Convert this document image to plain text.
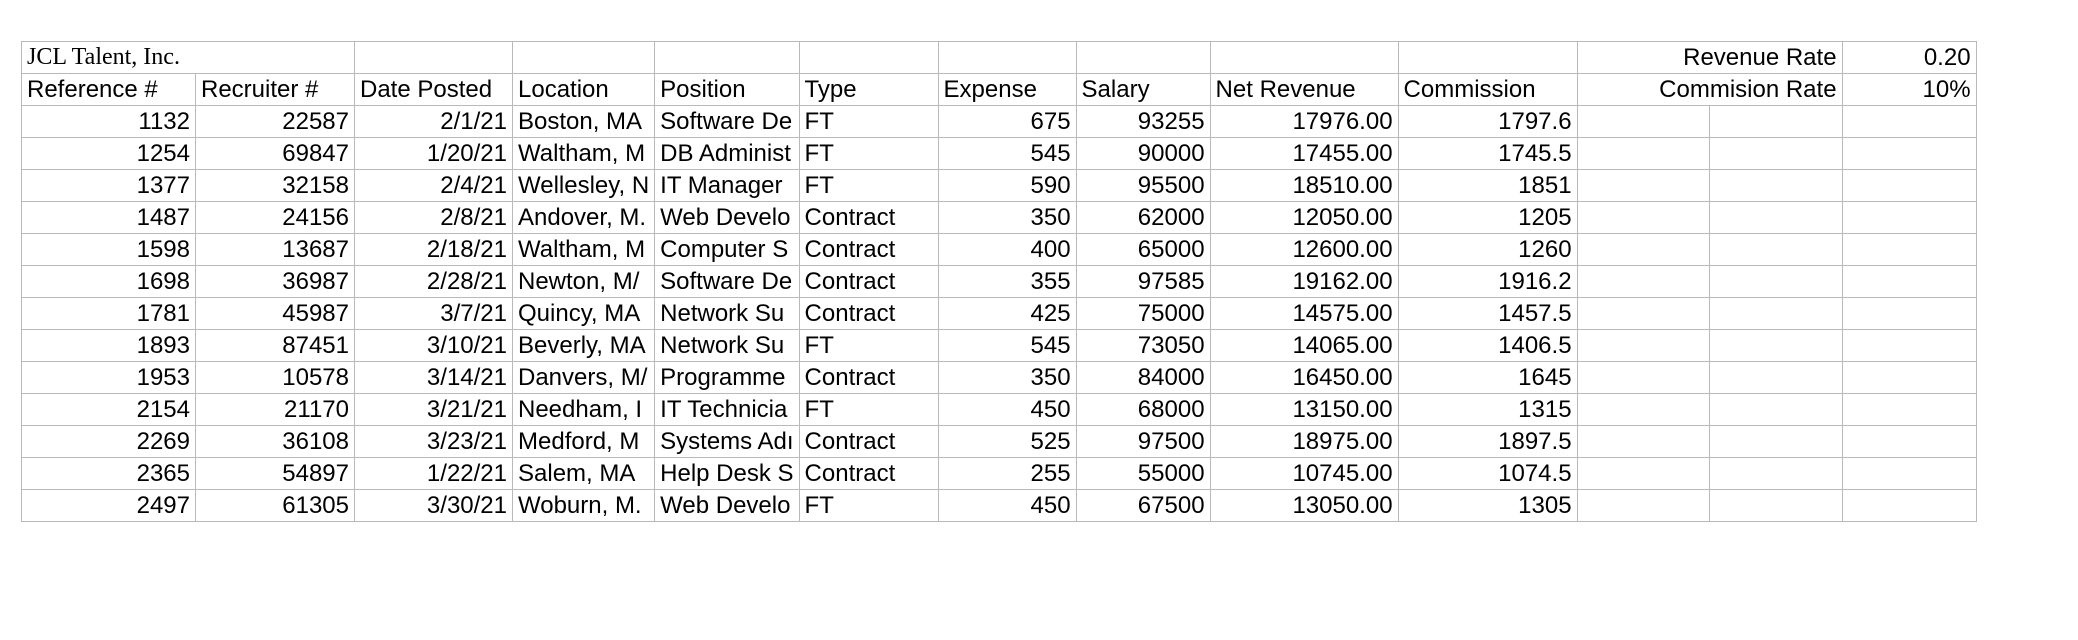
JCL Talent, Inc.										Revenue Rate		0.20
Reference #	Recruiter #	Date Posted	Location	Position	Type	Expense	Salary	Net Revenue	Commission	Commision Rate		10%
1132	22587	2/1/21	Boston, MA	Software De	FT	675	93255	17976.00	1797.6			
1254	69847	1/20/21	Waltham, M	DB Administ	FT	545	90000	17455.00	1745.5			
1377	32158	2/4/21	Wellesley, N	IT Manager	FT	590	95500	18510.00	1851			
1487	24156	2/8/21	Andover, M.	Web Develo	Contract	350	62000	12050.00	1205			
1598	13687	2/18/21	Waltham, M	Computer S	Contract	400	65000	12600.00	1260			
1698	36987	2/28/21	Newton, M/	Software De	Contract	355	97585	19162.00	1916.2			
1781	45987	3/7/21	Quincy, MA	Network Su	Contract	425	75000	14575.00	1457.5			
1893	87451	3/10/21	Beverly, MA	Network Su	FT	545	73050	14065.00	1406.5			
1953	10578	3/14/21	Danvers, M/	Programme	Contract	350	84000	16450.00	1645			
2154	21170	3/21/21	Needham, I	IT Technicia	FT	450	68000	13150.00	1315			
2269	36108	3/23/21	Medford, M	Systems Adı	Contract	525	97500	18975.00	1897.5			
2365	54897	1/22/21	Salem, MA	Help Desk S	Contract	255	55000	10745.00	1074.5			
2497	61305	3/30/21	Woburn, M.	Web Develo	FT	450	67500	13050.00	1305			
